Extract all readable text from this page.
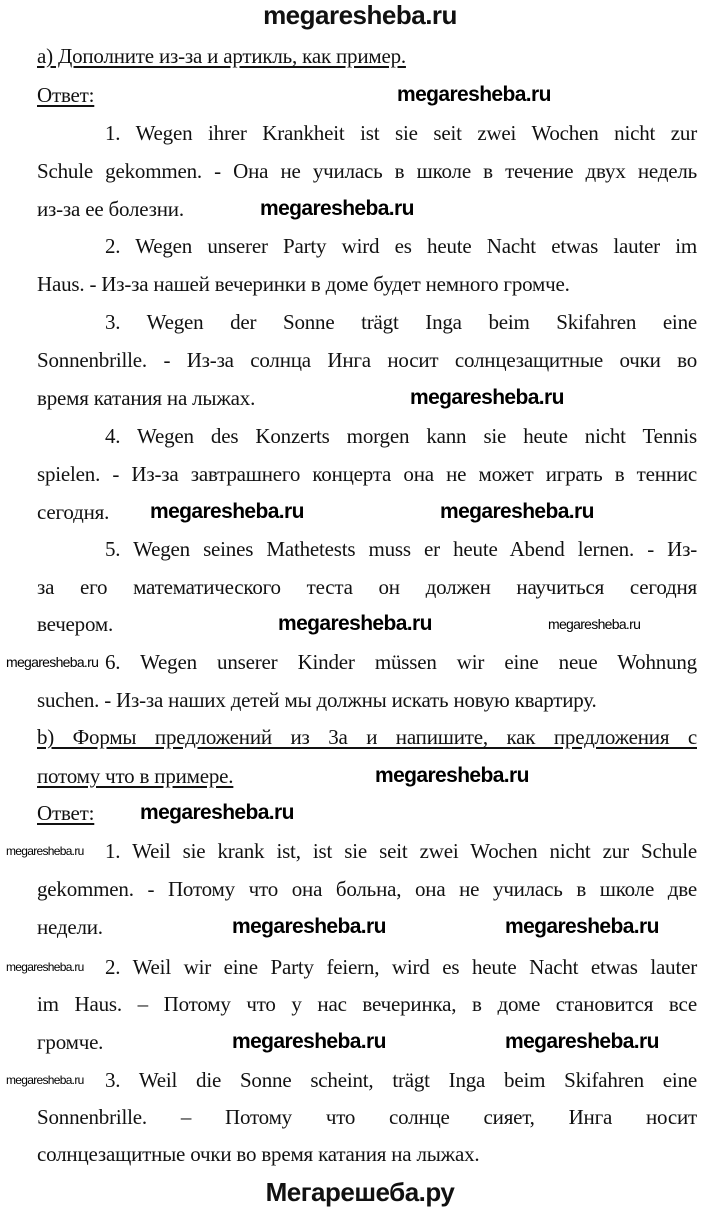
megaresheba.ru
а) Дополните из-за и артикль, как пример.
Ответ:
1. Wegen ihrer Krankheit ist sie seit zwei Wochen nicht zur
Schule gekommen. - Она не училась в школе в течение двух недель
из-за ее болезни.
2. Wegen unserer Party wird es heute Nacht etwas lauter im
Haus. - Из-за нашей вечеринки в доме будет немного громче.
3. Wegen der Sonne trägt Inga beim Skifahren eine
Sonnenbrille. - Из-за солнца Инга носит солнцезащитные очки во
время катания на лыжах.
4. Wegen des Konzerts morgen kann sie heute nicht Tennis
spielen. - Из-за завтрашнего концерта она не может играть в теннис
сегодня.
5. Wegen seines Mathetests muss er heute Abend lernen. - Из-
за его математического теста он должен научиться сегодня
вечером.
6. Wegen unserer Kinder müssen wir eine neue Wohnung
suchen. - Из-за наших детей мы должны искать новую квартиру.
b) Формы предложений из 3а и напишите, как предложения с
потому что в примере.
Ответ:
1. Weil sie krank ist, ist sie seit zwei Wochen nicht zur Schule
gekommen. - Потому что она больна, она не училась в школе две
недели.
2. Weil wir eine Party feiern, wird es heute Nacht etwas lauter
im Haus. – Потому что у нас вечеринка, в доме становится все
громче.
3. Weil die Sonne scheint, trägt Inga beim Skifahren eine
Sonnenbrille. – Потому что солнце сияет, Инга носит
солнцезащитные очки во время катания на лыжах.
megaresheba.ru
megaresheba.ru
megaresheba.ru
megaresheba.ru	megaresheba.ru
megaresheba.ru	megaresheba.ru
megaresheba.ru
megaresheba.ru
megaresheba.ru
megaresheba.ru
megaresheba.ru	megaresheba.ru
megaresheba.ru
megaresheba.ru	megaresheba.ru
megaresheba.ru
Мегарешеба.ру
